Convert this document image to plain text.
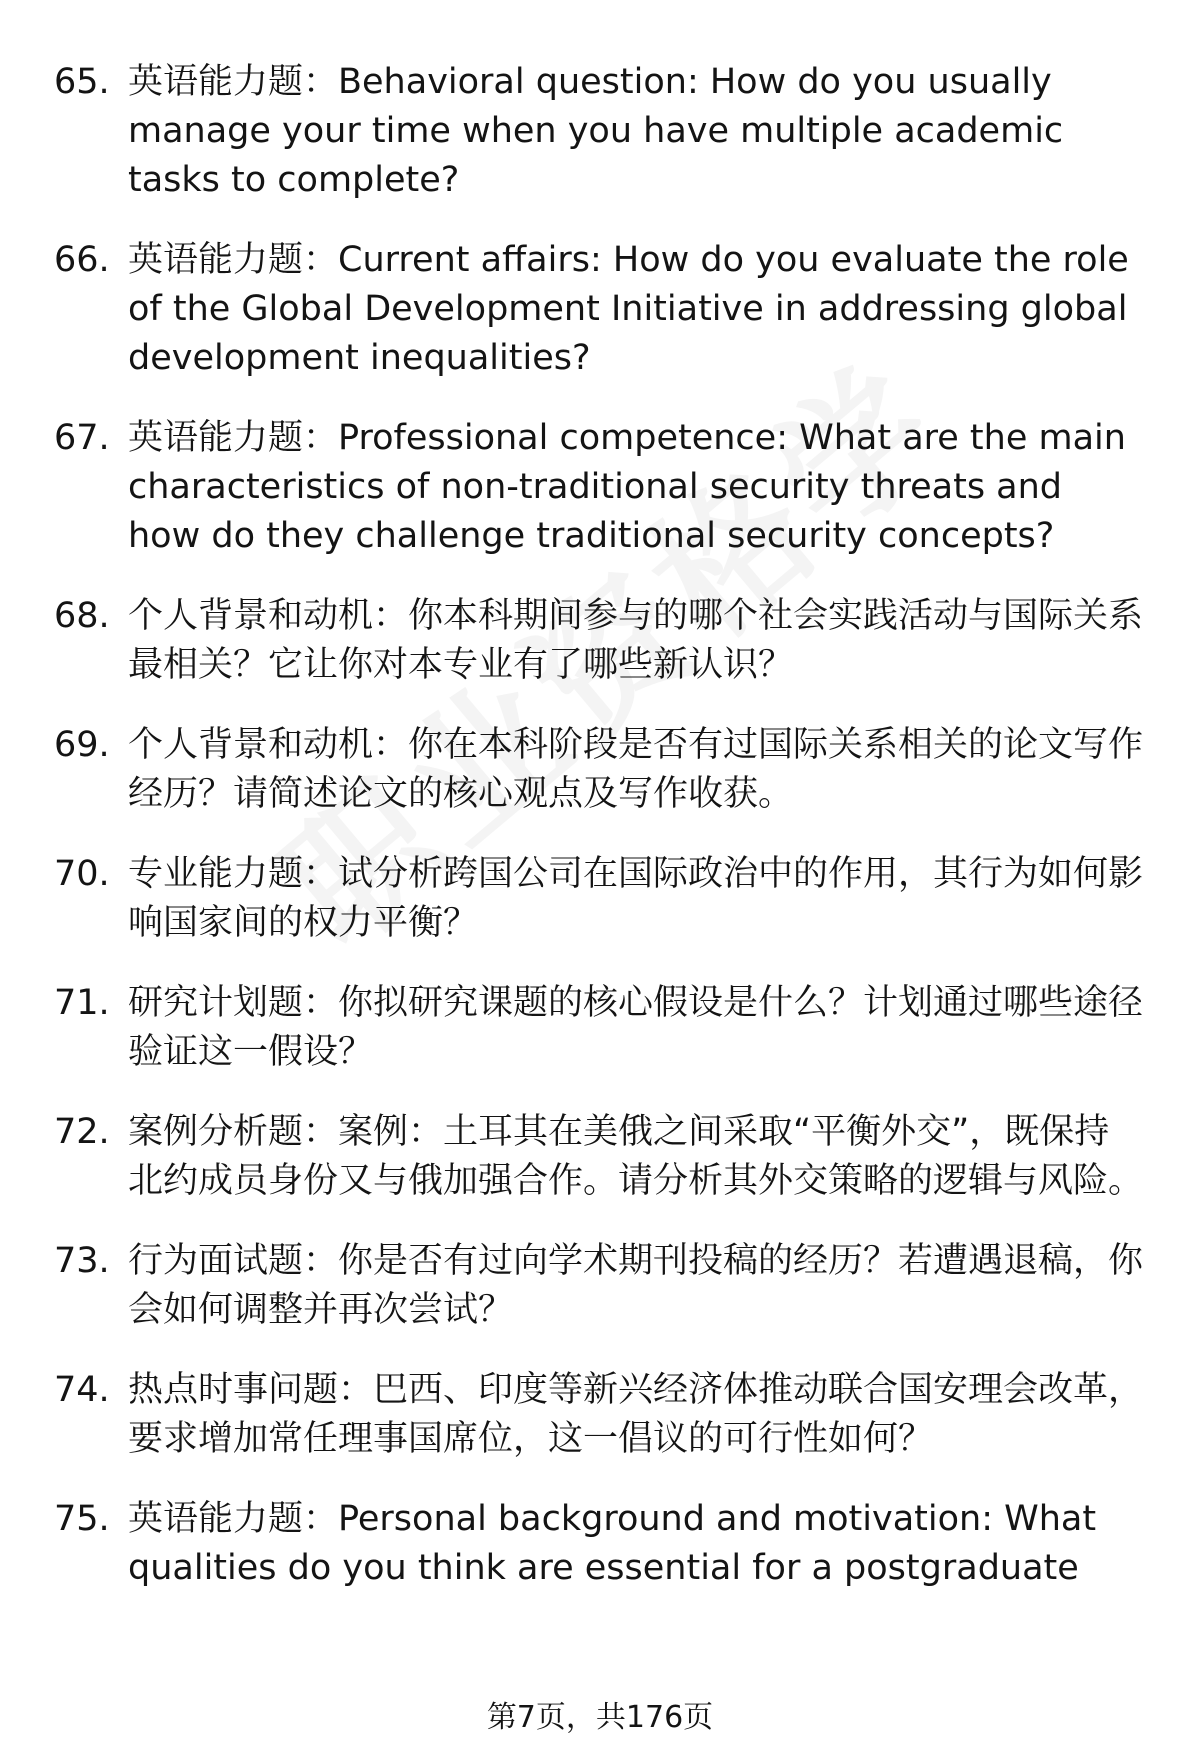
65. 英语能力题：Behavioral question: How do you usually manage your time when you have multiple academic tasks to complete?
66. 英语能力题：Current affairs: How do you evaluate the role of the Global Development Initiative in addressing global development inequalities?
67. 英语能力题：Professional competence: What are the main characteristics of non-traditional security threats and how do they challenge traditional security concepts?
68. 个人背景和动机：你本科期间参与的哪个社会实践活动与国际关系最相关？它让你对本专业有了哪些新认识？
69. 个人背景和动机：你在本科阶段是否有过国际关系相关的论文写作经历？请简述论文的核心观点及写作收获。
70. 专业能力题：试分析跨国公司在国际政治中的作用，其行为如何影响国家间的权力平衡？
71. 研究计划题：你拟研究课题的核心假设是什么？计划通过哪些途径验证这一假设？
72. 案例分析题：案例：土耳其在美俄之间采取“平衡外交”，既保持北约成员身份又与俄加强合作。请分析其外交策略的逻辑与风险。
73. 行为面试题：你是否有过向学术期刊投稿的经历？若遭遇退稿，你会如何调整并再次尝试？
74. 热点时事问题：巴西、印度等新兴经济体推动联合国安理会改革，要求增加常任理事国席位，这一倡议的可行性如何？
75. 英语能力题：Personal background and motivation: What qualities do you think are essential for a postgraduate
第7页，共176页
